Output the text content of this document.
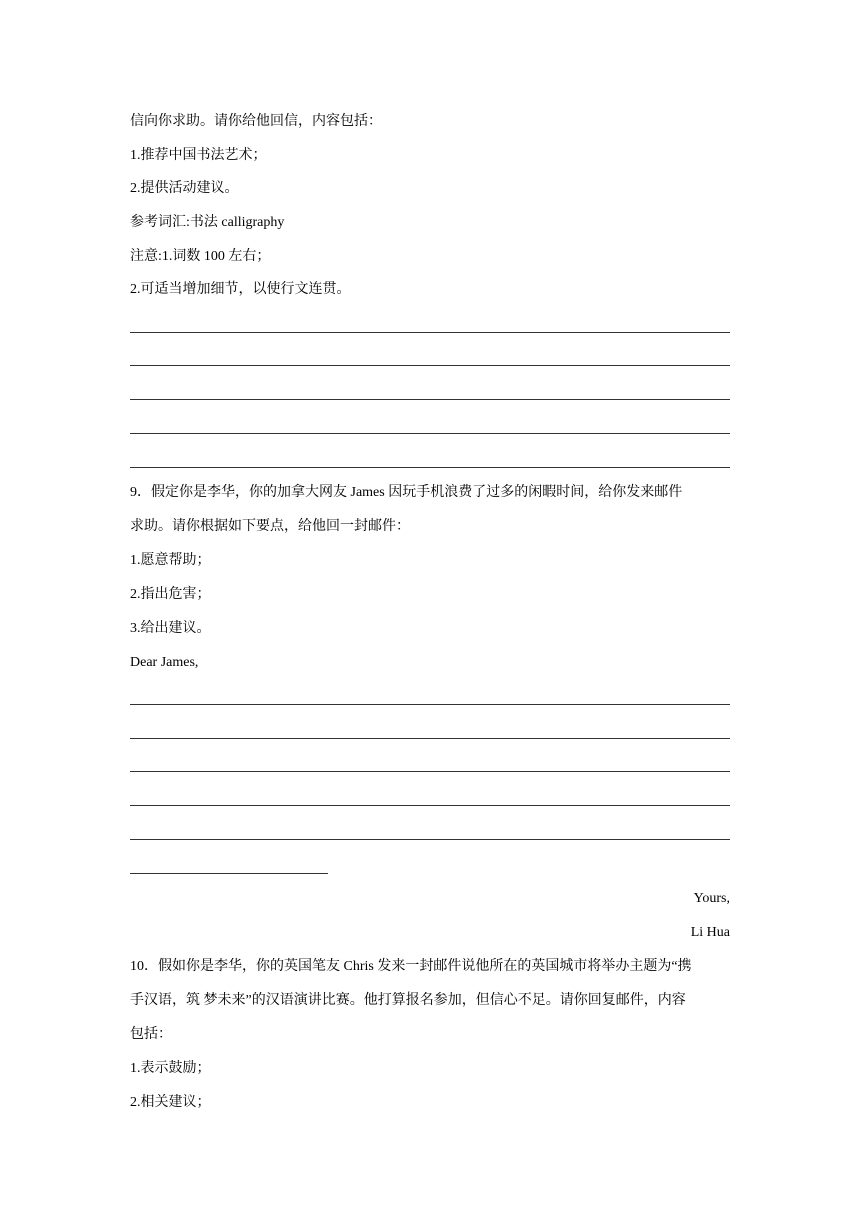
信向你求助。请你给他回信，内容包括：
1.推荐中国书法艺术；
2.提供活动建议。
参考词汇:书法 calligraphy
注意:1.词数 100 左右；
2.可适当增加细节，以使行文连贯。
9．假定你是李华，你的加拿大网友 James 因玩手机浪费了过多的闲暇时间，给你发来邮件
求助。请你根据如下要点，给他回一封邮件：
1.愿意帮助；
2.指出危害；
3.给出建议。
Dear James,
Yours,
Li Hua
10．假如你是李华，你的英国笔友 Chris 发来一封邮件说他所在的英国城市将举办主题为“携
手汉语，筑 梦未来”的汉语演讲比赛。他打算报名参加，但信心不足。请你回复邮件，内容
包括：
1.表示鼓励；
2.相关建议；
